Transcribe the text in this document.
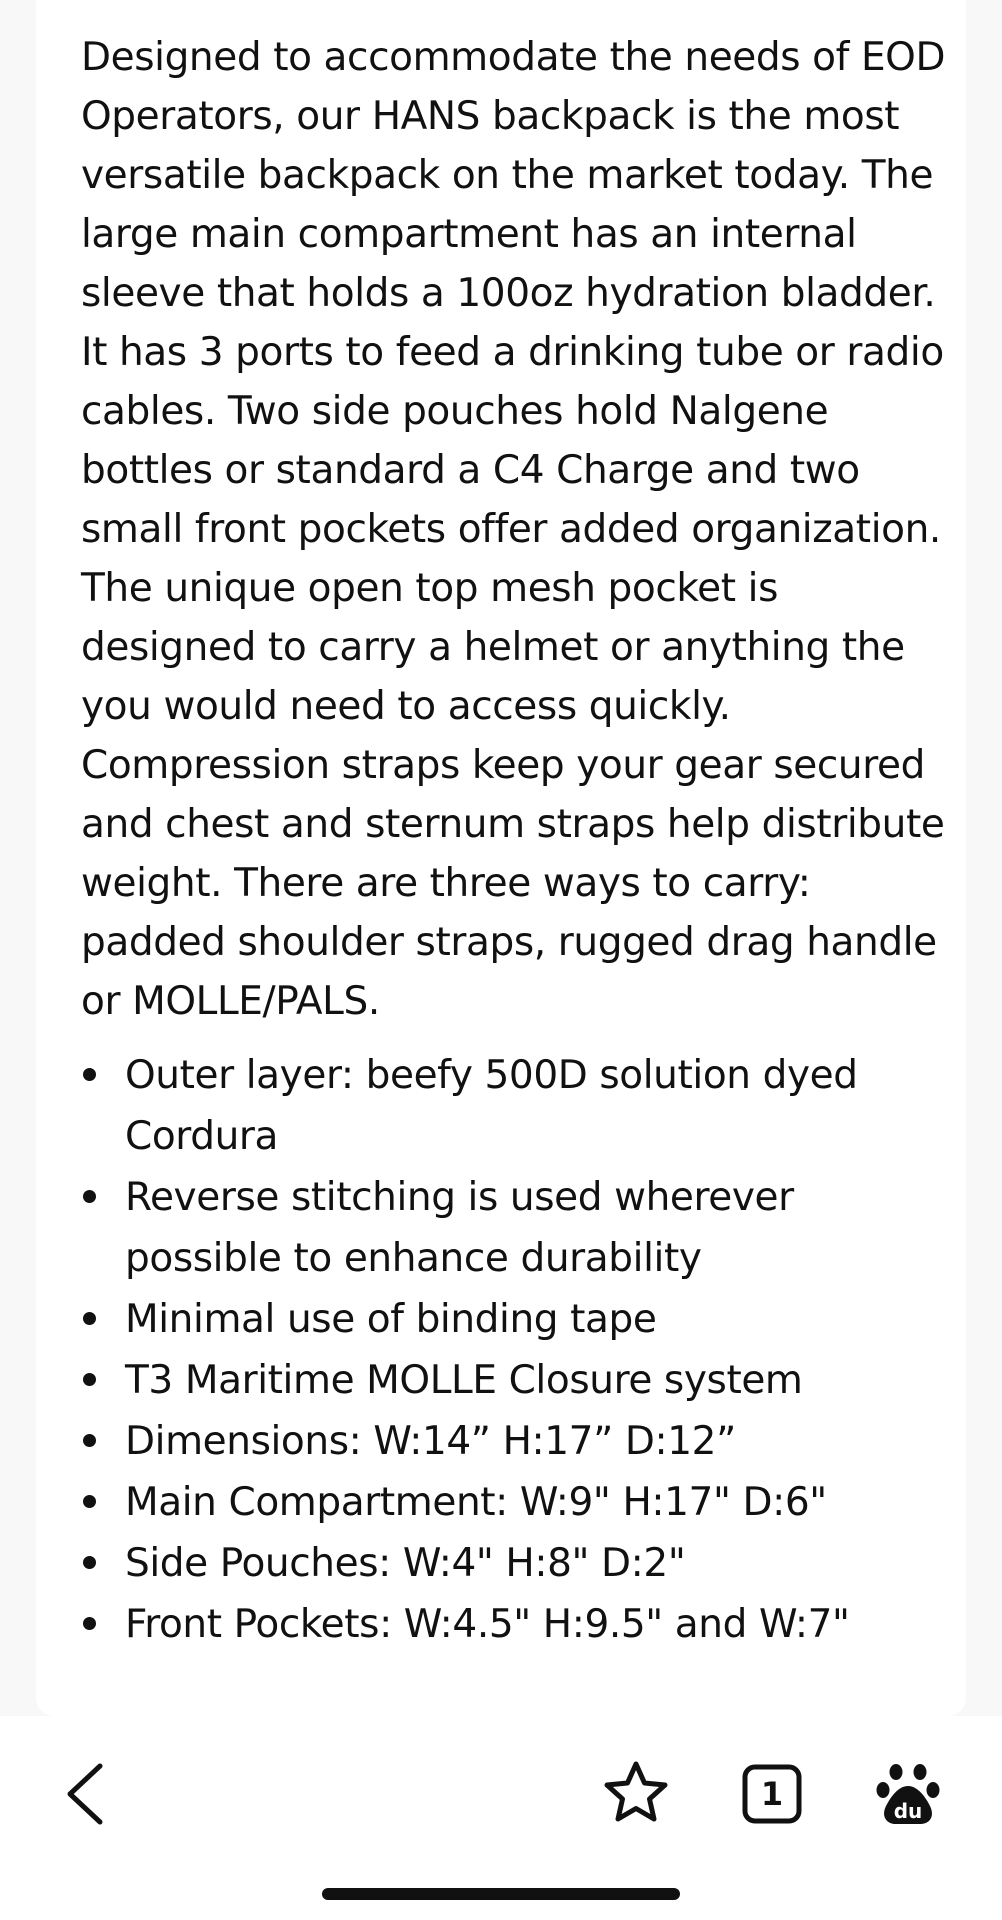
Designed to accommodate the needs of EOD Operators, our HANS backpack is the most versatile backpack on the market today. The large main compartment has an internal sleeve that holds a 100oz hydration bladder. It has 3 ports to feed a drinking tube or radio cables. Two side pouches hold Nalgene bottles or standard a C4 Charge and two small front pockets offer added organization. The unique open top mesh pocket is designed to carry a helmet or anything the you would need to access quickly. Compression straps keep your gear secured and chest and sternum straps help distribute weight. There are three ways to carry: padded shoulder straps, rugged drag handle or MOLLE/PALS.

Outer layer: beefy 500D solution dyed Cordura
Reverse stitching is used wherever possible to enhance durability
Minimal use of binding tape
T3 Maritime MOLLE Closure system
Dimensions: W:14” H:17” D:12”
Main Compartment: W:9" H:17" D:6"
Side Pouches: W:4" H:8" D:2"
Front Pockets: W:4.5" H:9.5" and W:7"
1	du
